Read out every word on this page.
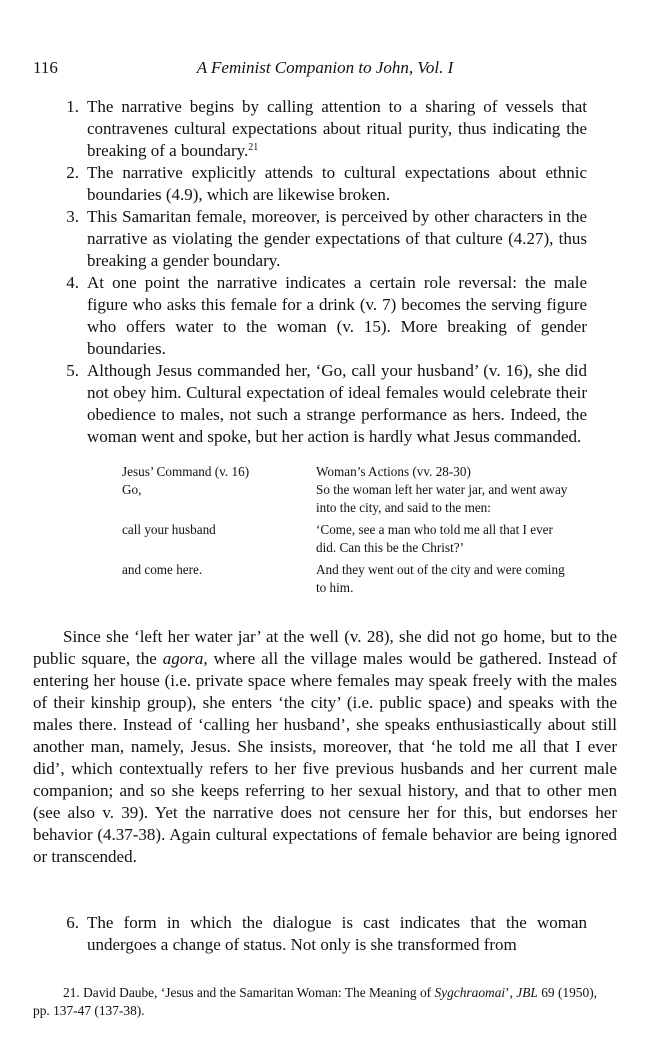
116	A Feminist Companion to John, Vol. I
1. The narrative begins by calling attention to a sharing of vessels that contravenes cultural expectations about ritual purity, thus indicating the breaking of a boundary.$^{21}$
2. The narrative explicitly attends to cultural expectations about ethnic boundaries (4.9), which are likewise broken.
3. This Samaritan female, moreover, is perceived by other characters in the narrative as violating the gender expectations of that culture (4.27), thus breaking a gender boundary.
4. At one point the narrative indicates a certain role reversal: the male figure who asks this female for a drink (v. 7) becomes the serving figure who offers water to the woman (v. 15). More breaking of gender boundaries.
5. Although Jesus commanded her, ‘Go, call your husband’ (v. 16), she did not obey him. Cultural expectation of ideal females would celebrate their obedience to males, not such a strange performance as hers. Indeed, the woman went and spoke, but her action is hardly what Jesus commanded.
Jesus’ Command (v. 16)	Woman’s Actions (vv. 28-30)
Go,	So the woman left her water jar, and went away into the city, and said to the men:
call your husband	‘Come, see a man who told me all that I ever did. Can this be the Christ?’
and come here.	And they went out of the city and were coming to him.

Since she ‘left her water jar’ at the well (v. 28), she did not go home, but to the public square, the agora, where all the village males would be gathered. Instead of entering her house (i.e. private space where females may speak freely with the males of their kinship group), she enters ‘the city’ (i.e. public space) and speaks with the males there. Instead of ‘calling her husband’, she speaks enthusiastically about still another man, namely, Jesus. She insists, moreover, that ‘he told me all that I ever did’, which contextually refers to her five previous husbands and her current male companion; and so she keeps referring to her sexual history, and that to other men (see also v. 39). Yet the narrative does not censure her for this, but endorses her behavior (4.37-38). Again cultural expectations of female behavior are being ignored or transcended.

6. The form in which the dialogue is cast indicates that the woman undergoes a change of status. Not only is she transformed from
21. David Daube, ‘Jesus and the Samaritan Woman: The Meaning of Sygchraomai’, JBL 69 (1950), pp. 137-47 (137-38).
